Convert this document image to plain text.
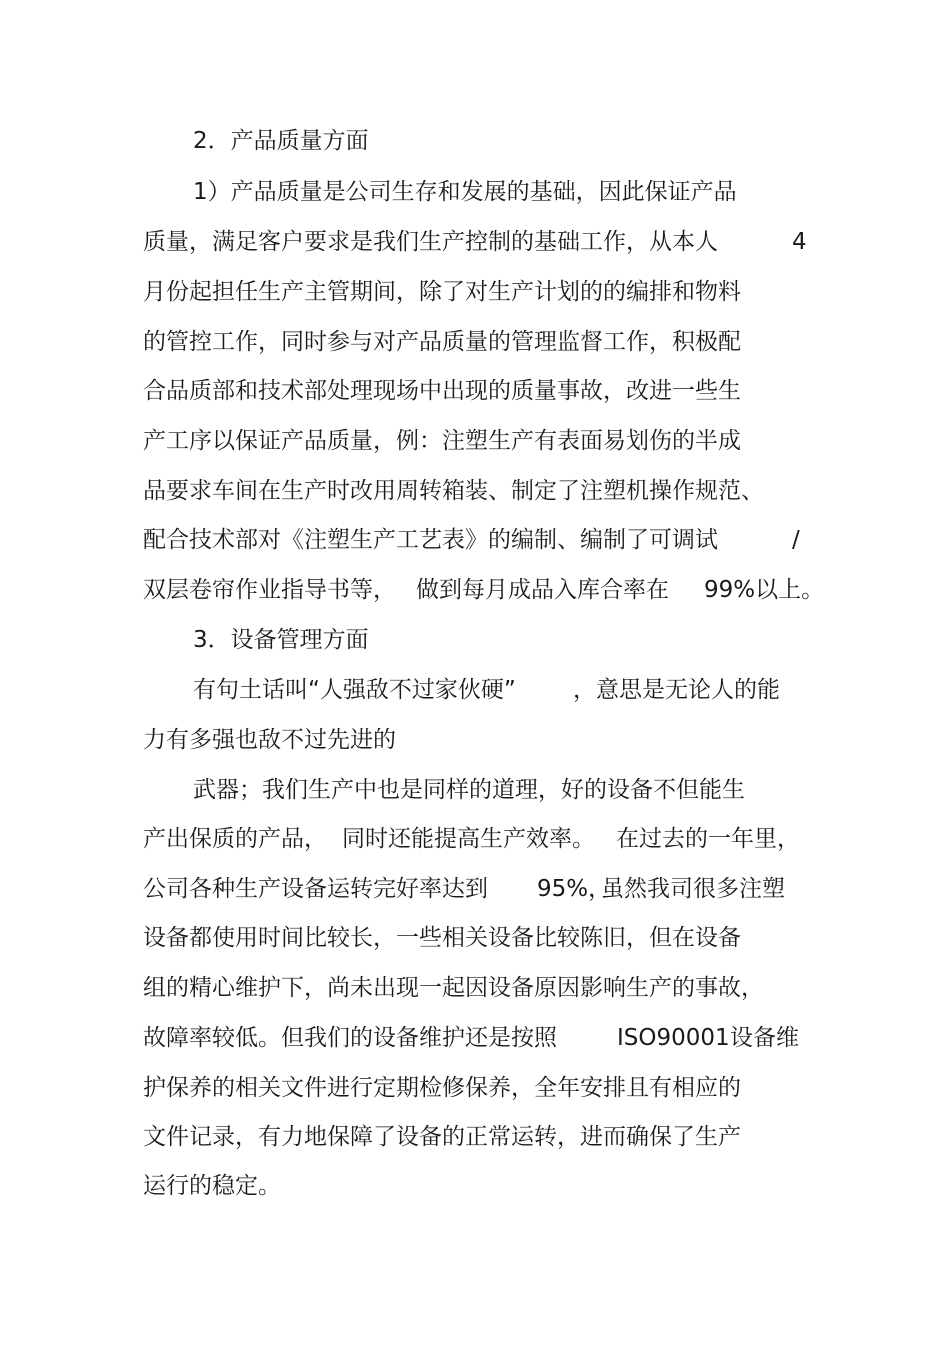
2．产品质量方面
1）产品质量是公司生存和发展的基础，因此保证产品
质量，满足客户要求是我们生产控制的基础工作，从本人	4
月份起担任生产主管期间，除了对生产计划的的编排和物料
的管控工作，同时参与对产品质量的管理监督工作，积极配
合品质部和技术部处理现场中出现的质量事故，改进一些生
产工序以保证产品质量，例：注塑生产有表面易划伤的半成
品要求车间在生产时改用周转箱装、制定了注塑机操作规范、
配合技术部对《注塑生产工艺表》的编制、编制了可调试	/
双层卷帘作业指导书等， 做到每月成品入库合率在 99%以上。
3．设备管理方面
有句土话叫“人强敌不过家伙硬” ，意思是无论人的能
力有多强也敌不过先进的
武器；我们生产中也是同样的道理，好的设备不但能生
产出保质的产品， 同时还能提高生产效率。 在过去的一年里，
公司各种生产设备运转完好率达到 95%，
虽然我司很多注塑
设备都使用时间比较长，一些相关设备比较陈旧，但在设备
组的精心维护下，尚未出现一起因设备原因影响生产的事故，
故障率较低。但我们的设备维护还是按照	ISO90001 设备维
护保养的相关文件进行定期检修保养，全年安排且有相应的
文件记录，有力地保障了设备的正常运转，进而确保了生产
运行的稳定。
